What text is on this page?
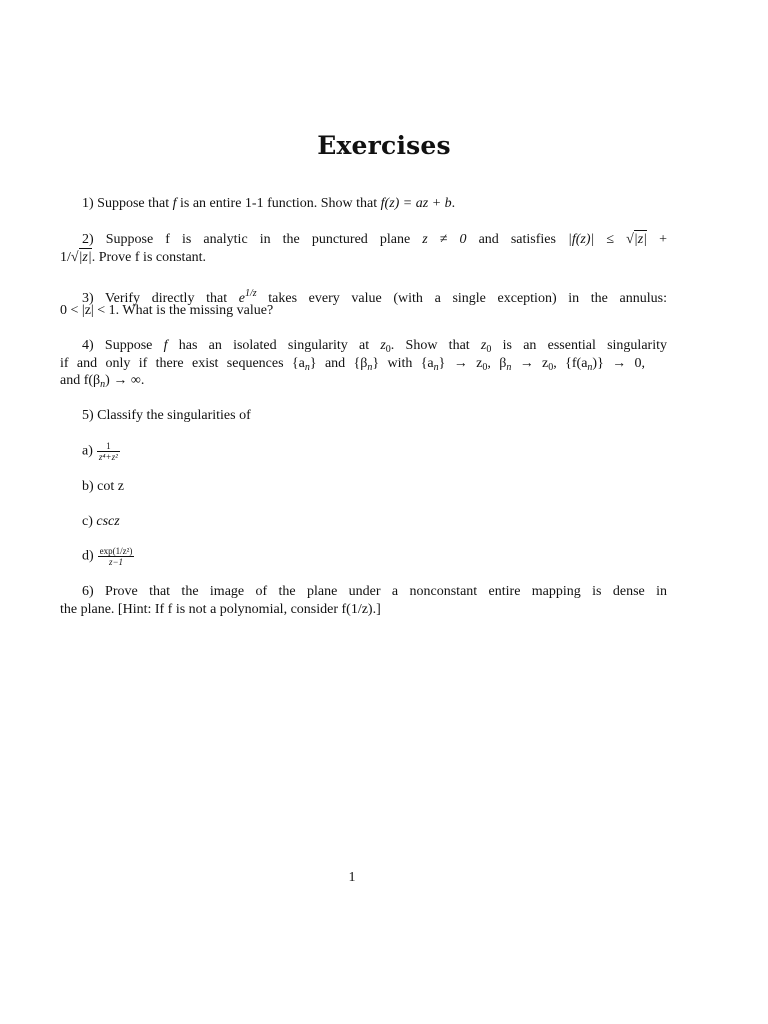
Exercises
1) Suppose that f is an entire 1-1 function. Show that f(z) = az + b.
2) Suppose f is analytic in the punctured plane z ≠ 0 and satisfies |f(z)| ≤ √|z| +
1/√|z|. Prove f is constant.
3) Verify directly that $e^{1/z}$ takes every value (with a single exception) in the annulus:
0 < |z| < 1. What is the missing value?
4) Suppose f has an isolated singularity at $z_0$. Show that $z_0$ is an essential singularity
if and only if there exist sequences $\{a_n\}$ and $\{\beta_n\}$ with $\{a_n\} \to z_0$, $\beta_n \to z_0$, $\{f(a_n)\} \to 0$,
and $f(\beta_n)$ → ∞.
5) Classify the singularities of
$a) \frac{1}{\text{z⁴+z²}}$
b) cot z
c) cscz
$d) \frac{\text{exp(1/z²)}}{z-1}$
6) Prove that the image of the plane under a nonconstant entire mapping is dense in
the plane. [Hint: If f is not a polynomial, consider f(1/z).]
1
